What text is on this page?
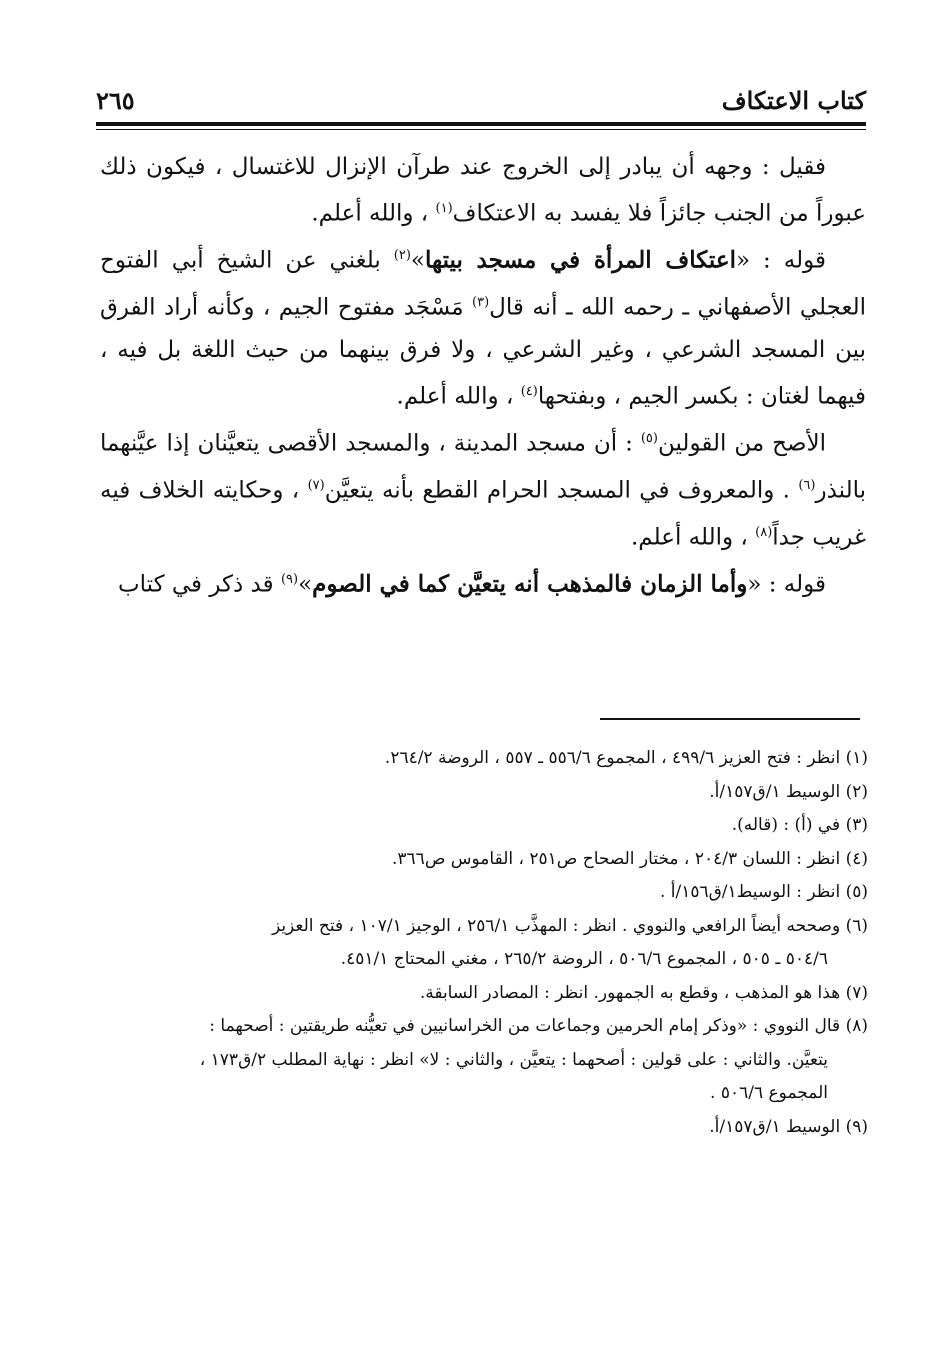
كتاب الاعتكاف
٢٦٥

فقيل : وجهه أن يبادر إلى الخروج عند طرآن الإنزال للاغتسال ، فيكون ذلك عبوراً من الجنب جائزاً فلا يفسد به الاعتكاف$^{(١)}$ ، والله أعلم.

قوله : «اعتكاف المرأة في مسجد بيتها»$^{(٢)}$ بلغني عن الشيخ أبي الفتوح العجلي الأصفهاني ـ رحمه الله ـ أنه قال$^{(٣)}$ مَسْجَد مفتوح الجيم ، وكأنه أراد الفرق بين المسجد الشرعي ، وغير الشرعي ، ولا فرق بينهما من حيث اللغة بل فيه ، فيهما لغتان : بكسر الجيم ، وبفتحها$^{(٤)}$ ، والله أعلم.

الأصح من القولين$^{(٥)}$ : أن مسجد المدينة ، والمسجد الأقصى يتعيَّنان إذا عيَّنهما بالنذر$^{(٦)}$ . والمعروف في المسجد الحرام القطع بأنه يتعيَّن$^{(٧)}$ ، وحكايته الخلاف فيه غريب جداً$^{(٨)}$ ، والله أعلم.

قوله : «وأما الزمان فالمذهب أنه يتعيَّن كما في الصوم»$^{(٩)}$ قد ذكر في كتاب

(١) انظر : فتح العزيز ٤٩٩/٦ ، المجموع ٥٥٦/٦ ـ ٥٥٧ ، الروضة ٢٦٤/٢.
(٢) الوسيط ١/ق١٥٧/أ.
(٣) في (أ) : (قاله).
(٤) انظر : اللسان ٢٠٤/٣ ، مختار الصحاح ص٢٥١ ، القاموس ص٣٦٦.
(٥) انظر : الوسيط١/ق١٥٦/أ .
(٦) وصححه أيضاً الرافعي والنووي . انظر : المهذَّب ٢٥٦/١ ، الوجيز ١٠٧/١ ، فتح العزيز
٥٠٤/٦ ـ ٥٠٥ ، المجموع ٥٠٦/٦ ، الروضة ٢٦٥/٢ ، مغني المحتاج ٤٥١/١.
(٧) هذا هو المذهب ، وقطع به الجمهور. انظر : المصادر السابقة.
(٨) قال النووي : «وذكر إمام الحرمين وجماعات من الخراسانيين في تعيُّنه طريقتين : أصحهما :
يتعيَّن. والثاني : على قولين : أصحهما : يتعيَّن ، والثاني : لا» انظر : نهاية المطلب ٢/ق١٧٣ ،
المجموع ٥٠٦/٦ .
(٩) الوسيط ١/ق١٥٧/أ.
